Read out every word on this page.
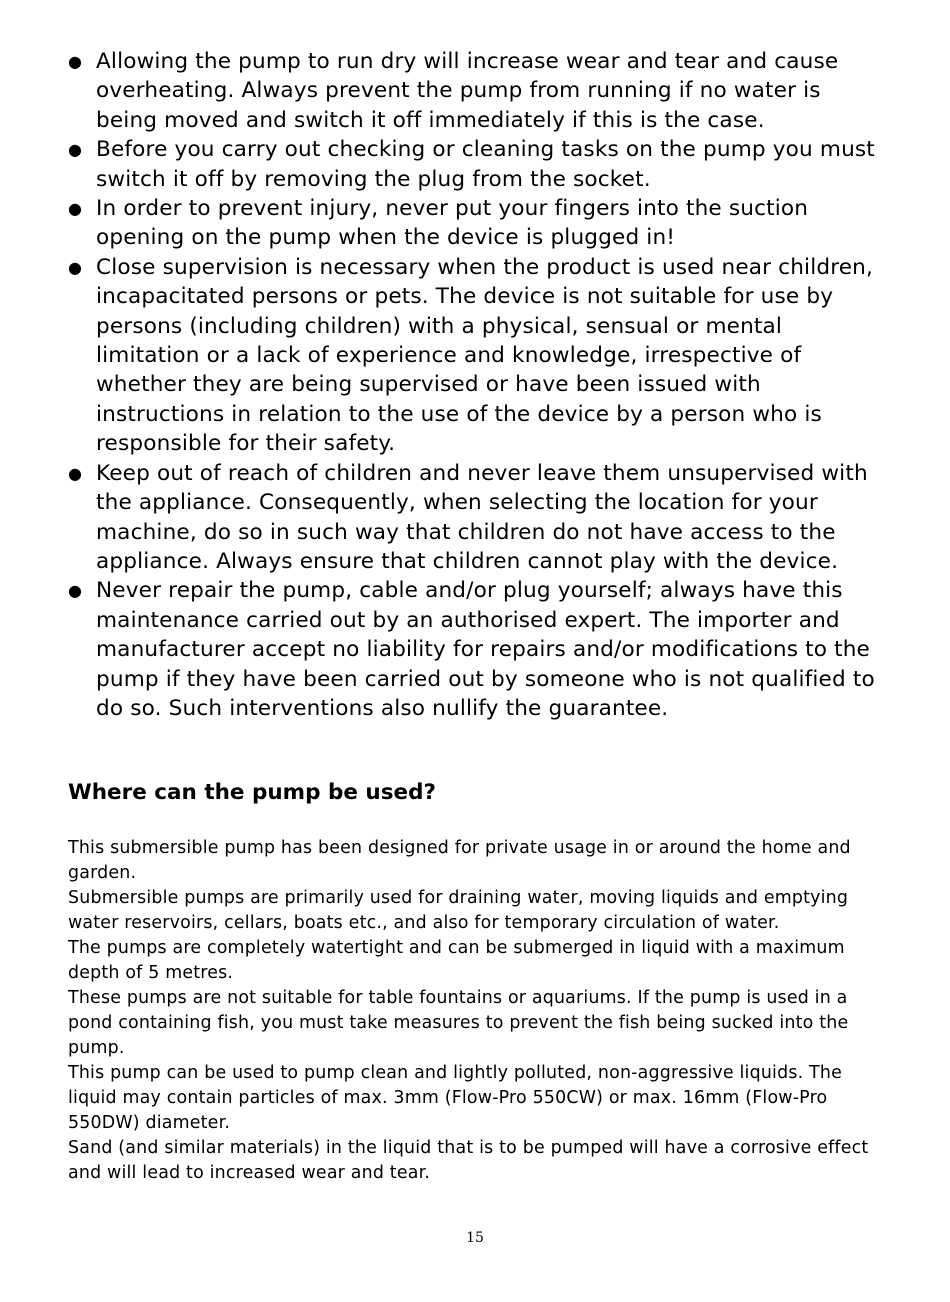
● Allowing the pump to run dry will increase wear and tear and cause overheating. Always prevent the pump from running if no water is being moved and switch it off immediately if this is the case.
● Before you carry out checking or cleaning tasks on the pump you must switch it off by removing the plug from the socket.
● In order to prevent injury, never put your fingers into the suction opening on the pump when the device is plugged in!
● Close supervision is necessary when the product is used near children, incapacitated persons or pets. The device is not suitable for use by persons (including children) with a physical, sensual or mental limitation or a lack of experience and knowledge, irrespective of whether they are being supervised or have been issued with instructions in relation to the use of the device by a person who is responsible for their safety.
● Keep out of reach of children and never leave them unsupervised with the appliance. Consequently, when selecting the location for your machine, do so in such way that children do not have access to the appliance. Always ensure that children cannot play with the device.
● Never repair the pump, cable and/or plug yourself; always have this maintenance carried out by an authorised expert. The importer and manufacturer accept no liability for repairs and/or modifications to the pump if they have been carried out by someone who is not qualified to do so. Such interventions also nullify the guarantee.
Where can the pump be used?

This submersible pump has been designed for private usage in or around the home and garden.

Submersible pumps are primarily used for draining water, moving liquids and emptying water reservoirs, cellars, boats etc., and also for temporary circulation of water.

The pumps are completely watertight and can be submerged in liquid with a maximum depth of 5 metres.

These pumps are not suitable for table fountains or aquariums. If the pump is used in a pond containing fish, you must take measures to prevent the fish being sucked into the pump.

This pump can be used to pump clean and lightly polluted, non-aggressive liquids. The liquid may contain particles of max. 3mm (Flow-Pro 550CW) or max. 16mm (Flow-Pro 550DW) diameter.

Sand (and similar materials) in the liquid that is to be pumped will have a corrosive effect and will lead to increased wear and tear.

15
